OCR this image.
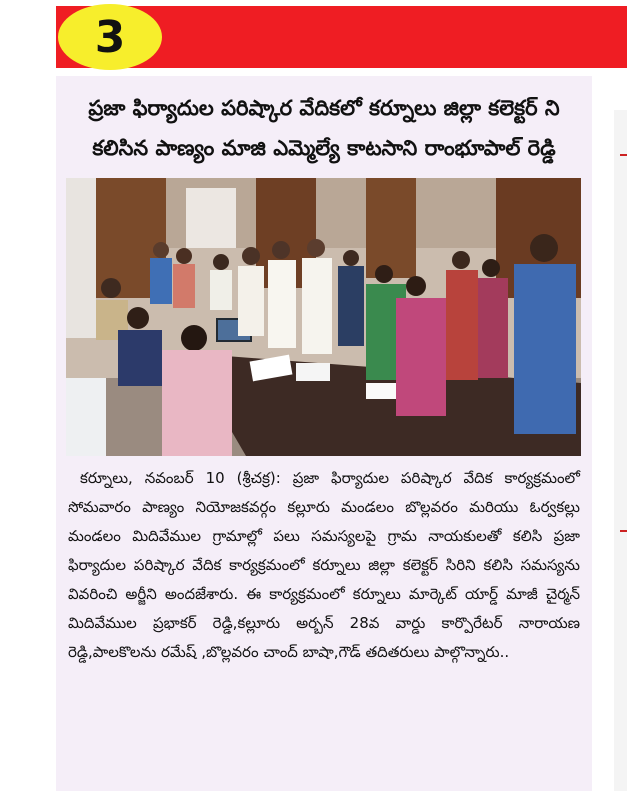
3
ప్రజా ఫిర్యాదుల పరిష్కార వేదికలో కర్నూలు జిల్లా కలెక్టర్ ని
కలిసిన పాణ్యం మాజి ఎమ్మెల్యే కాటసాని రాంభూపాల్ రెడ్డి
కర్నూలు, నవంబర్ 10 (శ్రీచక్ర): ప్రజా ఫిర్యాదుల పరిష్కార వేదిక కార్యక్రమంలో సోమవారం పాణ్యం నియోజకవర్గం కల్లూరు మండలం బొల్లవరం మరియు ఓర్వకల్లు మండలం మిదివేముల గ్రామాల్లో పలు సమస్యలపై గ్రామ నాయకులతో కలిసి ప్రజా ఫిర్యాదుల పరిష్కార వేదిక కార్యక్రమంలో కర్నూలు జిల్లా కలెక్టర్ సిరిని కలిసి సమస్యను వివరించి అర్జీని అందజేశారు. ఈ కార్యక్రమంలో కర్నూలు మార్కెట్ యార్డ్ మాజీ చైర్మన్ మిదివేముల ప్రభాకర్ రెడ్డి,కల్లూరు అర్బన్ 28వ వార్డు కార్పొరేటర్ నారాయణ రెడ్డి,పాలకొలను రమేష్ ,బొల్లవరం చాంద్ బాషా,గౌడ్ తదితరులు పాల్గొన్నారు..
